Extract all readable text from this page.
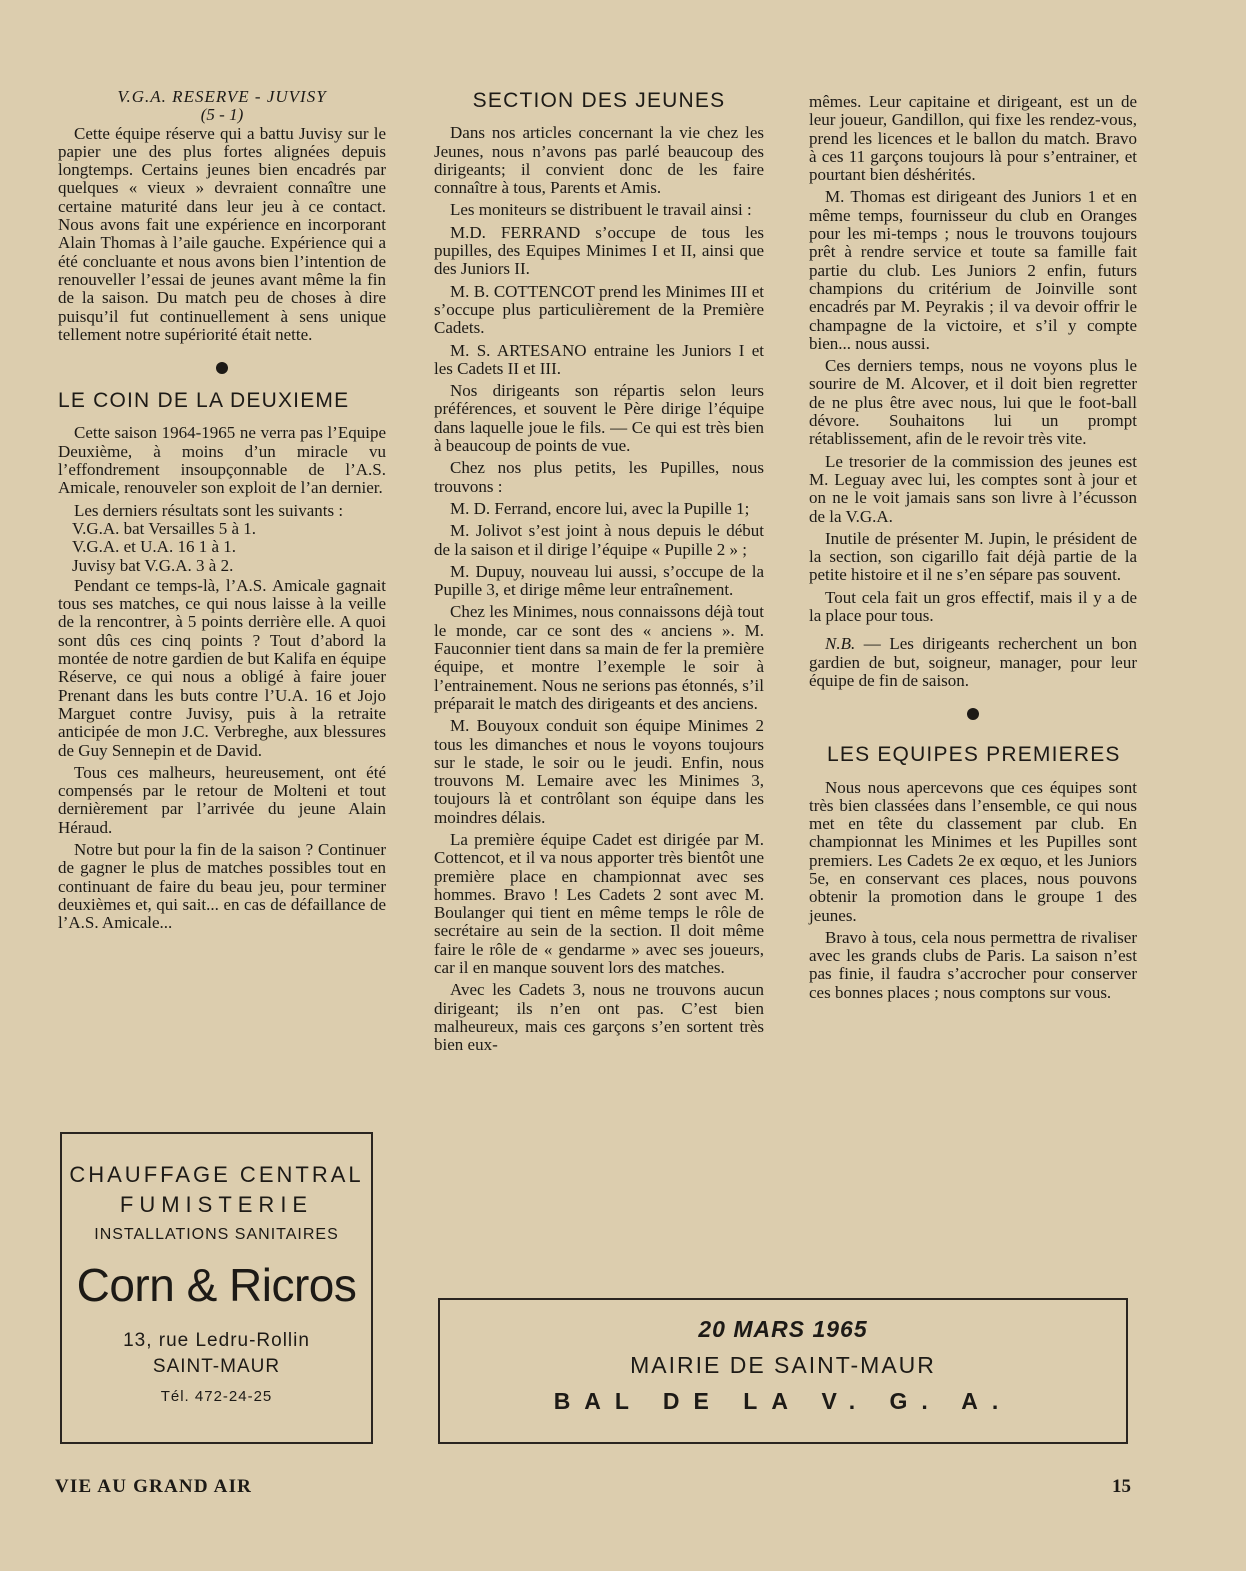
V.G.A. RESERVE - JUVISY
(5 - 1)

Cette équipe réserve qui a battu Juvisy sur le papier une des plus fortes alignées depuis longtemps. Certains jeunes bien encadrés par quelques « vieux » devraient connaître une certaine maturité dans leur jeu à ce contact. Nous avons fait une expérience en incorporant Alain Thomas à l’aile gauche. Expérience qui a été concluante et nous avons bien l’intention de renouveller l’essai de jeunes avant même la fin de la saison. Du match peu de choses à dire puisqu’il fut continuellement à sens unique tellement notre supériorité était nette.

LE COIN DE LA DEUXIEME

Cette saison 1964-1965 ne verra pas l’Equipe Deuxième, à moins d’un miracle vu l’effondrement insoupçonnable de l’A.S. Amicale, renouveler son exploit de l’an dernier.

Les derniers résultats sont les suivants :

V.G.A. bat Versailles 5 à 1.

V.G.A. et U.A. 16 1 à 1.

Juvisy bat V.G.A. 3 à 2.

Pendant ce temps-là, l’A.S. Amicale gagnait tous ses matches, ce qui nous laisse à la veille de la rencontrer, à 5 points derrière elle. A quoi sont dûs ces cinq points ? Tout d’abord la montée de notre gardien de but Kalifa en équipe Réserve, ce qui nous a obligé à faire jouer Prenant dans les buts contre l’U.A. 16 et Jojo Marguet contre Juvisy, puis à la retraite anticipée de mon J.C. Verbreghe, aux blessures de Guy Sennepin et de David.

Tous ces malheurs, heureusement, ont été compensés par le retour de Molteni et tout dernièrement par l’arrivée du jeune Alain Héraud.

Notre but pour la fin de la saison ? Continuer de gagner le plus de matches possibles tout en continuant de faire du beau jeu, pour terminer deuxièmes et, qui sait... en cas de défaillance de l’A.S. Amicale...

SECTION DES JEUNES

Dans nos articles concernant la vie chez les Jeunes, nous n’avons pas parlé beaucoup des dirigeants; il convient donc de les faire connaître à tous, Parents et Amis.

Les moniteurs se distribuent le travail ainsi :

M.D. FERRAND s’occupe de tous les pupilles, des Equipes Minimes I et II, ainsi que des Juniors II.

M. B. COTTENCOT prend les Minimes III et s’occupe plus particulièrement de la Première Cadets.

M. S. ARTESANO entraine les Juniors I et les Cadets II et III.

Nos dirigeants son répartis selon leurs préférences, et souvent le Père dirige l’équipe dans laquelle joue le fils. — Ce qui est très bien à beaucoup de points de vue.

Chez nos plus petits, les Pupilles, nous trouvons :

M. D. Ferrand, encore lui, avec la Pupille 1;

M. Jolivot s’est joint à nous depuis le début de la saison et il dirige l’équipe « Pupille 2 » ;

M. Dupuy, nouveau lui aussi, s’occupe de la Pupille 3, et dirige même leur entraînement.

Chez les Minimes, nous connaissons déjà tout le monde, car ce sont des « anciens ». M. Fauconnier tient dans sa main de fer la première équipe, et montre l’exemple le soir à l’entrainement. Nous ne serions pas étonnés, s’il préparait le match des dirigeants et des anciens.

M. Bouyoux conduit son équipe Minimes 2 tous les dimanches et nous le voyons toujours sur le stade, le soir ou le jeudi. Enfin, nous trouvons M. Lemaire avec les Minimes 3, toujours là et contrôlant son équipe dans les moindres délais.

La première équipe Cadet est dirigée par M. Cottencot, et il va nous apporter très bientôt une première place en championnat avec ses hommes. Bravo ! Les Cadets 2 sont avec M. Boulanger qui tient en même temps le rôle de secrétaire au sein de la section. Il doit même faire le rôle de « gendarme » avec ses joueurs, car il en manque souvent lors des matches.

Avec les Cadets 3, nous ne trouvons aucun dirigeant; ils n’en ont pas. C’est bien malheureux, mais ces garçons s’en sortent très bien eux-

mêmes. Leur capitaine et dirigeant, est un de leur joueur, Gandillon, qui fixe les rendez-vous, prend les licences et le ballon du match. Bravo à ces 11 garçons toujours là pour s’entrainer, et pourtant bien déshérités.

M. Thomas est dirigeant des Juniors 1 et en même temps, fournisseur du club en Oranges pour les mi-temps ; nous le trouvons toujours prêt à rendre service et toute sa famille fait partie du club. Les Juniors 2 enfin, futurs champions du critérium de Joinville sont encadrés par M. Peyrakis ; il va devoir offrir le champagne de la victoire, et s’il y compte bien... nous aussi.

Ces derniers temps, nous ne voyons plus le sourire de M. Alcover, et il doit bien regretter de ne plus être avec nous, lui que le foot-ball dévore. Souhaitons lui un prompt rétablissement, afin de le revoir très vite.

Le tresorier de la commission des jeunes est M. Leguay avec lui, les comptes sont à jour et on ne le voit jamais sans son livre à l’écusson de la V.G.A.

Inutile de présenter M. Jupin, le président de la section, son cigarillo fait déjà partie de la petite histoire et il ne s’en sépare pas souvent.

Tout cela fait un gros effectif, mais il y a de la place pour tous.

N.B. — Les dirigeants recherchent un bon gardien de but, soigneur, manager, pour leur équipe de fin de saison.

LES EQUIPES PREMIERES

Nous nous apercevons que ces équipes sont très bien classées dans l’ensemble, ce qui nous met en tête du classement par club. En championnat les Minimes et les Pupilles sont premiers. Les Cadets 2e ex œquo, et les Juniors 5e, en conservant ces places, nous pouvons obtenir la promotion dans le groupe 1 des jeunes.

Bravo à tous, cela nous permettra de rivaliser avec les grands clubs de Paris. La saison n’est pas finie, il faudra s’accrocher pour conserver ces bonnes places ; nous comptons sur vous.

CHAUFFAGE CENTRAL
FUMISTERIE
INSTALLATIONS SANITAIRES
Corn & Ricros
13, rue Ledru-Rollin
SAINT-MAUR
Tél. 472-24-25
20 MARS 1965
MAIRIE DE SAINT-MAUR
BAL DE LA V. G. A.
VIE AU GRAND AIR	15
